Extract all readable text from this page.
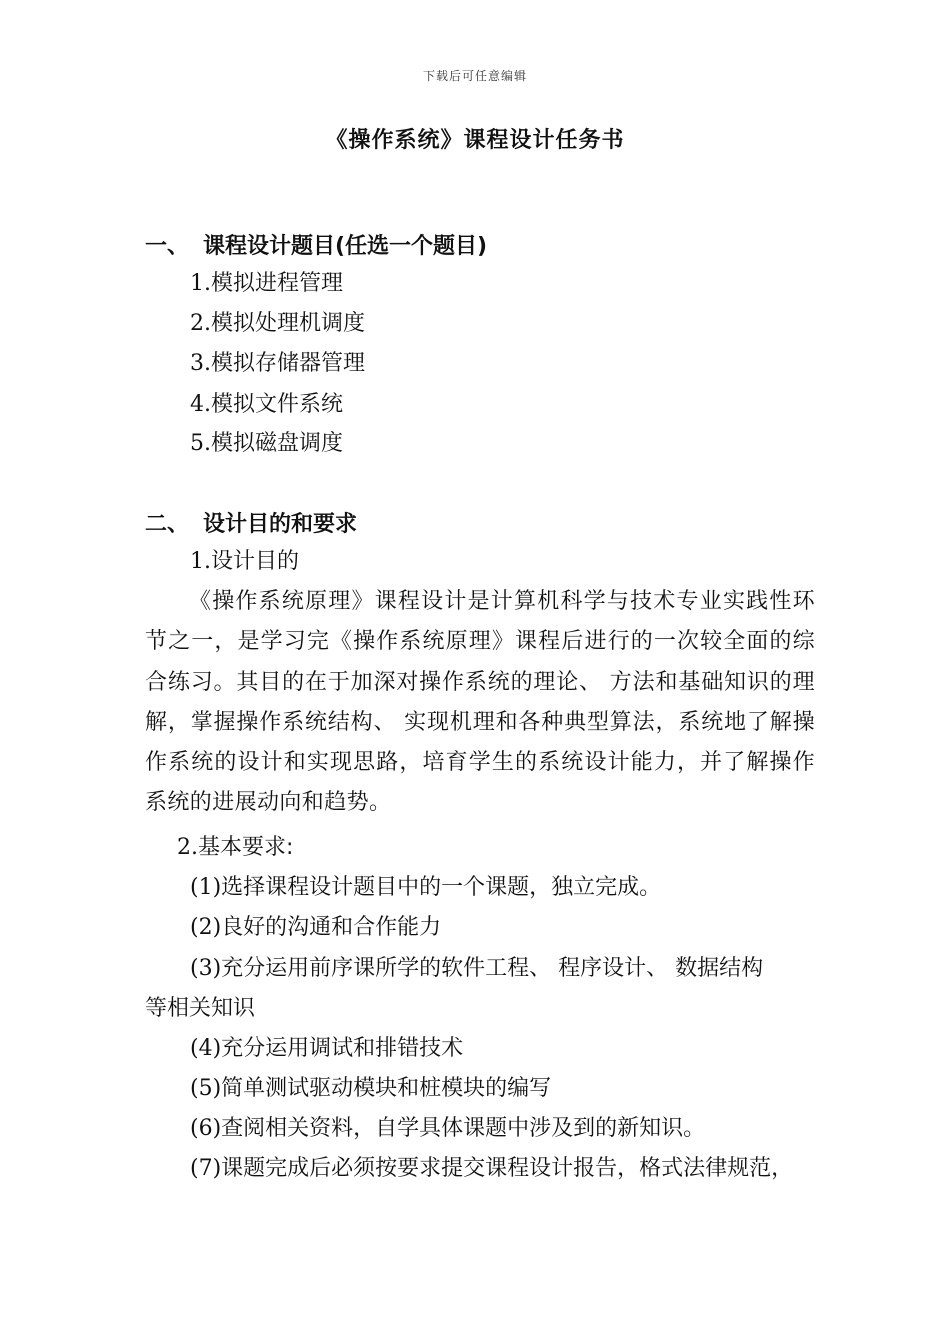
下载后可任意编辑
《操作系统》课程设计任务书
一、 课程设计题目(任选一个题目)
1.模拟进程管理
2.模拟处理机调度
3.模拟存储器管理
4.模拟文件系统
5.模拟磁盘调度
二、 设计目的和要求
1.设计目的
《操作系统原理》课程设计是计算机科学与技术专业实践性环节之一，是学习完《操作系统原理》课程后进行的一次较全面的综合练习。其目的在于加深对操作系统的理论、 方法和基础知识的理解，掌握操作系统结构、 实现机理和各种典型算法，系统地了解操作系统的设计和实现思路，培育学生的系统设计能力，并了解操作系统的进展动向和趋势。
2.基本要求:
(1)选择课程设计题目中的一个课题，独立完成。
(2)良好的沟通和合作能力
(3)充分运用前序课所学的软件工程、 程序设计、 数据结构
等相关知识
(4)充分运用调试和排错技术
(5)简单测试驱动模块和桩模块的编写
(6)查阅相关资料，自学具体课题中涉及到的新知识。
(7)课题完成后必须按要求提交课程设计报告，格式法律规范，
